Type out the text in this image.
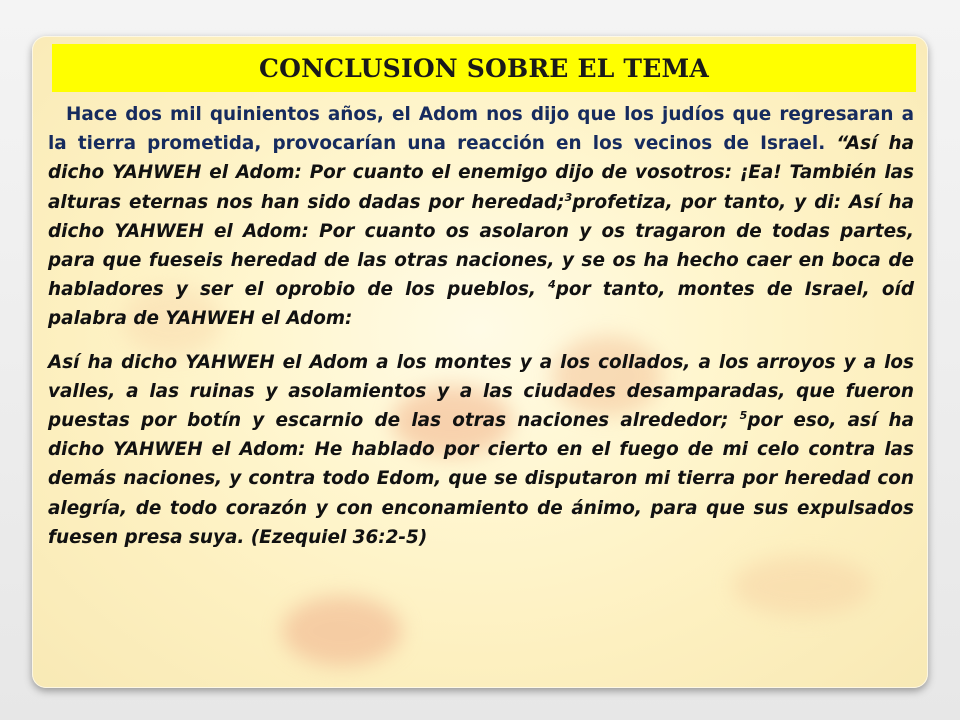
CONCLUSION SOBRE EL TEMA

Hace dos mil quinientos años, el Adom nos dijo que los judíos que regresaran a la tierra prometida, provocarían una reacción en los vecinos de Israel. “Así ha dicho YAHWEH el Adom: Por cuanto el enemigo dijo de vosotros: ¡Ea! También las alturas eternas nos han sido dadas por heredad;$^3$profetiza, por tanto, y di: Así ha dicho YAHWEH el Adom: Por cuanto os asolaron y os tragaron de todas partes, para que fueseis heredad de las otras naciones, y se os ha hecho caer en boca de habladores y ser el oprobio de los pueblos, $^4$por tanto, montes de Israel, oíd palabra de YAHWEH el Adom:

Así ha dicho YAHWEH el Adom a los montes y a los collados, a los arroyos y a los valles, a las ruinas y asolamientos y a las ciudades desamparadas, que fueron puestas por botín y escarnio de las otras naciones alrededor; $^5$por eso, así ha dicho YAHWEH el Adom: He hablado por cierto en el fuego de mi celo contra las demás naciones, y contra todo Edom, que se disputaron mi tierra por heredad con alegría, de todo corazón y con enconamiento de ánimo, para que sus expulsados fuesen presa suya. (Ezequiel 36:2-5)
